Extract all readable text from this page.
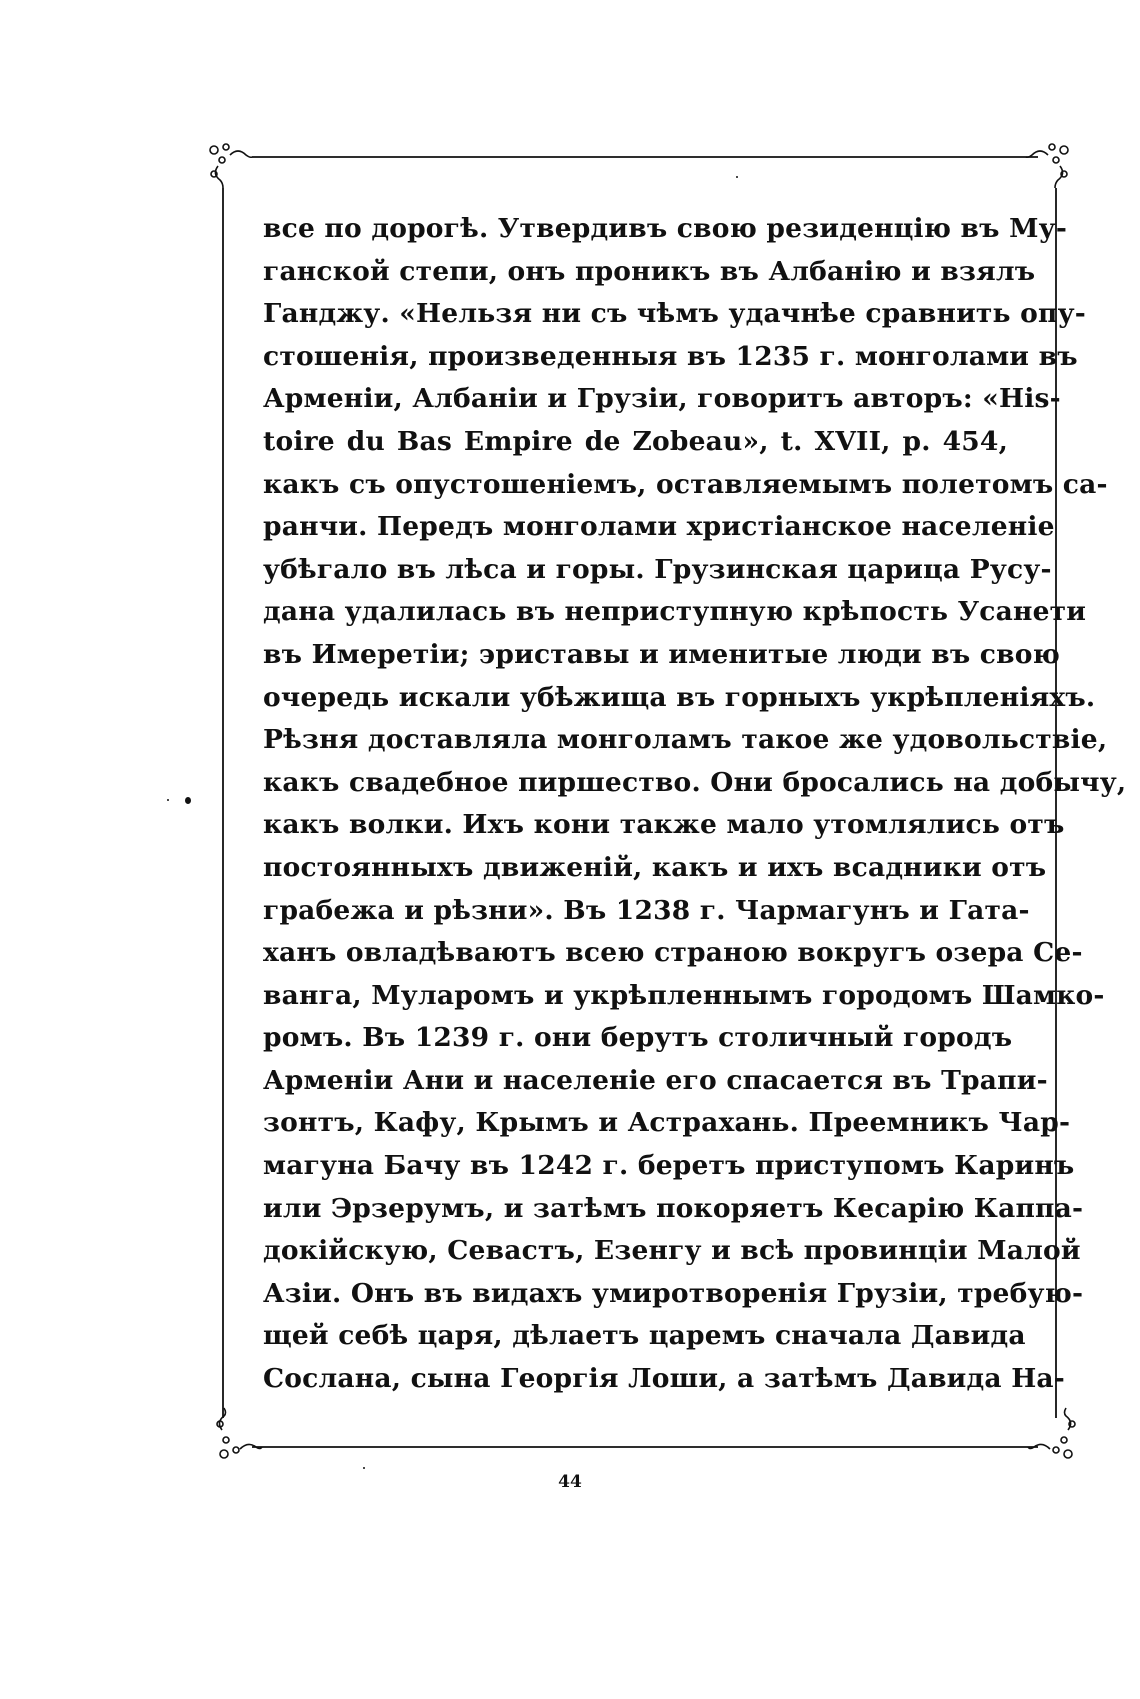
все по дорогѣ. Утвердивъ свою резиденцію въ Му-
ганской степи, онъ проникъ въ Албанію и взялъ
Ганджу. «Нельзя ни съ чѣмъ удачнѣе сравнить опу-
стошенія, произведенныя въ 1235 г. монголами въ
Арменіи, Албаніи и Грузіи, говоритъ авторъ: «His-
toire du Bas Empire de Zobeau», t. XVII, p. 454,
какъ съ опустошеніемъ, оставляемымъ полетомъ са-
ранчи. Передъ монголами христіанское населеніе
убѣгало въ лѣса и горы. Грузинская царица Русу-
дана удалилась въ неприступную крѣпость Усанети
въ Имеретіи; эриставы и именитые люди въ свою
очередь искали убѣжища въ горныхъ укрѣпленіяхъ.
Рѣзня доставляла монголамъ такое же удовольствіе,
какъ свадебное пиршество. Они бросались на добычу,
какъ волки. Ихъ кони также мало утомлялись отъ
постоянныхъ движеній, какъ и ихъ всадники отъ
грабежа и рѣзни». Въ 1238 г. Чармагунъ и Гата-
ханъ овладѣваютъ всею страною вокругъ озера Се-
ванга, Муларомъ и укрѣпленнымъ городомъ Шамко-
ромъ. Въ 1239 г. они берутъ столичный городъ
Арменіи Ани и населеніе его спасается въ Трапи-
зонтъ, Кафу, Крымъ и Астрахань. Преемникъ Чар-
магуна Бачу въ 1242 г. беретъ приступомъ Каринъ
или Эрзерумъ, и затѣмъ покоряетъ Кесарію Каппа-
докійскую, Севастъ, Езенгу и всѣ провинціи Малой
Азіи. Онъ въ видахъ умиротворенія Грузіи, требую-
щей себѣ царя, дѣлаетъ царемъ сначала Давида
Сослана, сына Георгія Лоши, а затѣмъ Давида На-
44
